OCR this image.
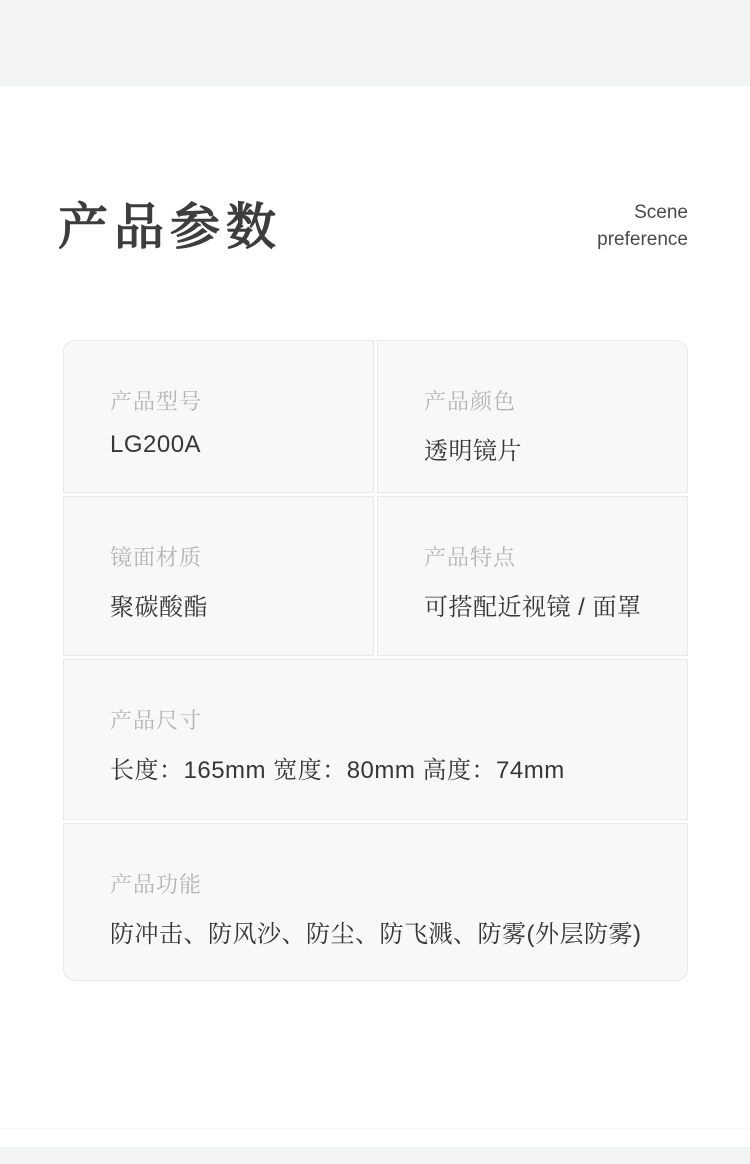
产品参数	Scene
preference
产品型号
LG200A
产品颜色
透明镜片
镜面材质
聚碳酸酯
产品特点
可搭配近视镜 / 面罩
产品尺寸
长度：165mm 宽度：80mm 高度：74mm
产品功能
防冲击、防风沙、防尘、防飞溅、防雾(外层防雾)
